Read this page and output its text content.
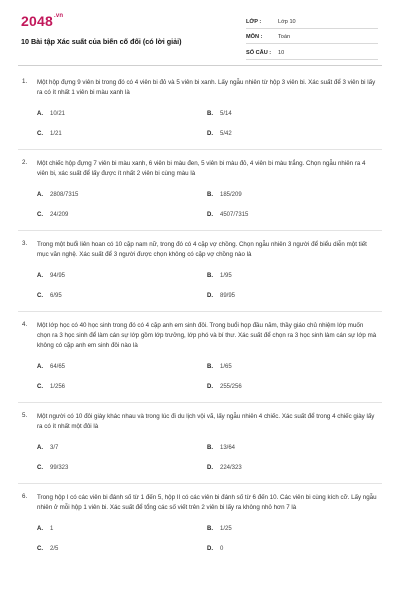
$2048^{.vn}$
10 Bài tập Xác suất của biến cố đối (có lời giải)
LỚP :	Lớp 10
MÔN :	Toán
SỐ CÂU :	10
1. Một hộp đựng 9 viên bi trong đó có 4 viên bi đỏ và 5 viên bi xanh. Lấy ngẫu nhiên từ hộp 3 viên bi. Xác suất để 3 viên bi lấy ra có ít nhất 1 viên bi màu xanh là
A.	10/21	B.	5/14
C.	1/21	D.	5/42
2. Một chiếc hộp đựng 7 viên bi màu xanh, 6 viên bi màu đen, 5 viên bi màu đỏ, 4 viên bi màu trắng. Chọn ngẫu nhiên ra 4 viên bi, xác suất để lấy được ít nhất 2 viên bi cùng màu là
A.	2808/7315	B.	185/209
C.	24/209	D.	4507/7315
3. Trong một buổi liên hoan có 10 cặp nam nữ, trong đó có 4 cặp vợ chồng. Chọn ngẫu nhiên 3 người để biểu diễn một tiết mục văn nghệ. Xác suất để 3 người được chọn không có cặp vợ chồng nào là
A.	94/95	B.	1/95
C.	6/95	D.	89/95
4. Một lớp học có 40 học sinh trong đó có 4 cặp anh em sinh đôi. Trong buổi họp đầu năm, thầy giáo chủ nhiệm lớp muốn chọn ra 3 học sinh để làm cán sự lớp gồm lớp trưởng, lớp phó và bí thư. Xác suất để chọn ra 3 học sinh làm cán sự lớp mà không có cặp anh em sinh đôi nào là
A.	64/65	B.	1/65
C.	1/256	D.	255/256
5. Một người có 10 đôi giày khác nhau và trong lúc đi du lịch vội vã, lấy ngẫu nhiên 4 chiếc. Xác suất để trong 4 chiếc giày lấy ra có ít nhất một đôi là
A.	3/7	B.	13/64
C.	99/323	D.	224/323
6. Trong hộp I có các viên bi đánh số từ 1 đến 5, hộp II có các viên bi đánh số từ 6 đến 10. Các viên bi cùng kích cỡ. Lấy ngẫu nhiên ở mỗi hộp 1 viên bi. Xác suất để tổng các số viết trên 2 viên bi lấy ra không nhỏ hơn 7 là
A.	1	B.	1/25
C.	2/5	D.	0
